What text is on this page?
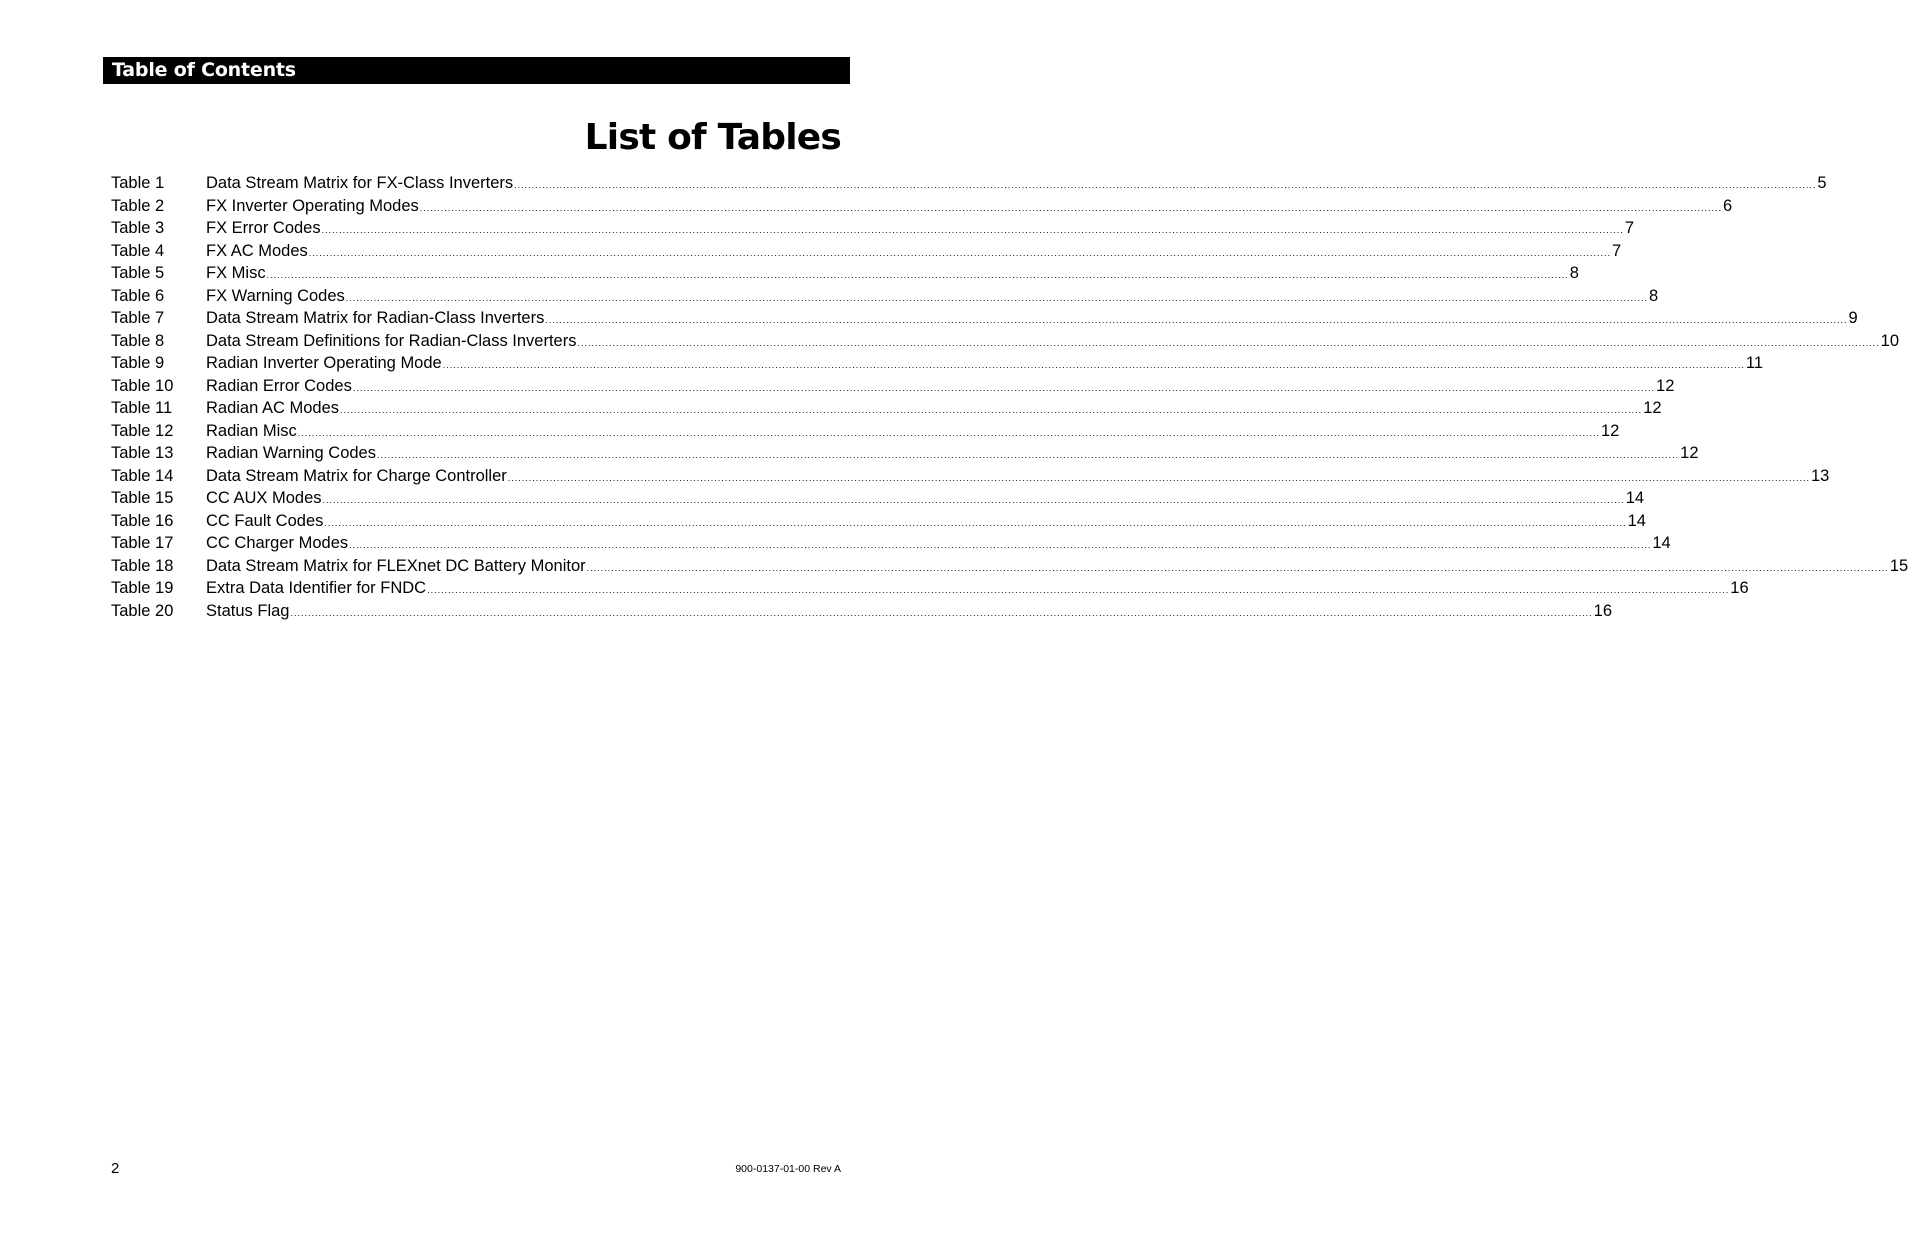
Table of Contents
List of Tables
Table 1	Data Stream Matrix for FX-Class Inverters .................................................................................................................................................................................................................................................................................................................................................................................... 5
Table 2	FX Inverter Operating Modes .................................................................................................................................................................................................................................................................................................................................................................................... 6
Table 3	FX Error Codes .................................................................................................................................................................................................................................................................................................................................................................................... 7
Table 4	FX AC Modes .................................................................................................................................................................................................................................................................................................................................................................................... 7
Table 5	FX Misc .................................................................................................................................................................................................................................................................................................................................................................................... 8
Table 6	FX Warning Codes .................................................................................................................................................................................................................................................................................................................................................................................... 8
Table 7	Data Stream Matrix for Radian-Class Inverters .................................................................................................................................................................................................................................................................................................................................................................................... 9
Table 8	Data Stream Definitions for Radian-Class Inverters .................................................................................................................................................................................................................................................................................................................................................................................... 10
Table 9	Radian Inverter Operating Mode .................................................................................................................................................................................................................................................................................................................................................................................... 11
Table 10 Radian Error Codes .................................................................................................................................................................................................................................................................................................................................................................................... 12
Table 11 Radian AC Modes .................................................................................................................................................................................................................................................................................................................................................................................... 12
Table 12 Radian Misc .................................................................................................................................................................................................................................................................................................................................................................................... 12
Table 13 Radian Warning Codes .................................................................................................................................................................................................................................................................................................................................................................................... 12
Table 14 Data Stream Matrix for Charge Controller .................................................................................................................................................................................................................................................................................................................................................................................... 13
Table 15 CC AUX Modes .................................................................................................................................................................................................................................................................................................................................................................................... 14
Table 16 CC Fault Codes .................................................................................................................................................................................................................................................................................................................................................................................... 14
Table 17 CC Charger Modes .................................................................................................................................................................................................................................................................................................................................................................................... 14
Table 18 Data Stream Matrix for FLEXnet DC Battery Monitor .................................................................................................................................................................................................................................................................................................................................................................................... 15
Table 19 Extra Data Identifier for FNDC .................................................................................................................................................................................................................................................................................................................................................................................... 16
Table 20 Status Flag .................................................................................................................................................................................................................................................................................................................................................................................... 16
2	900-0137-01-00 Rev A
